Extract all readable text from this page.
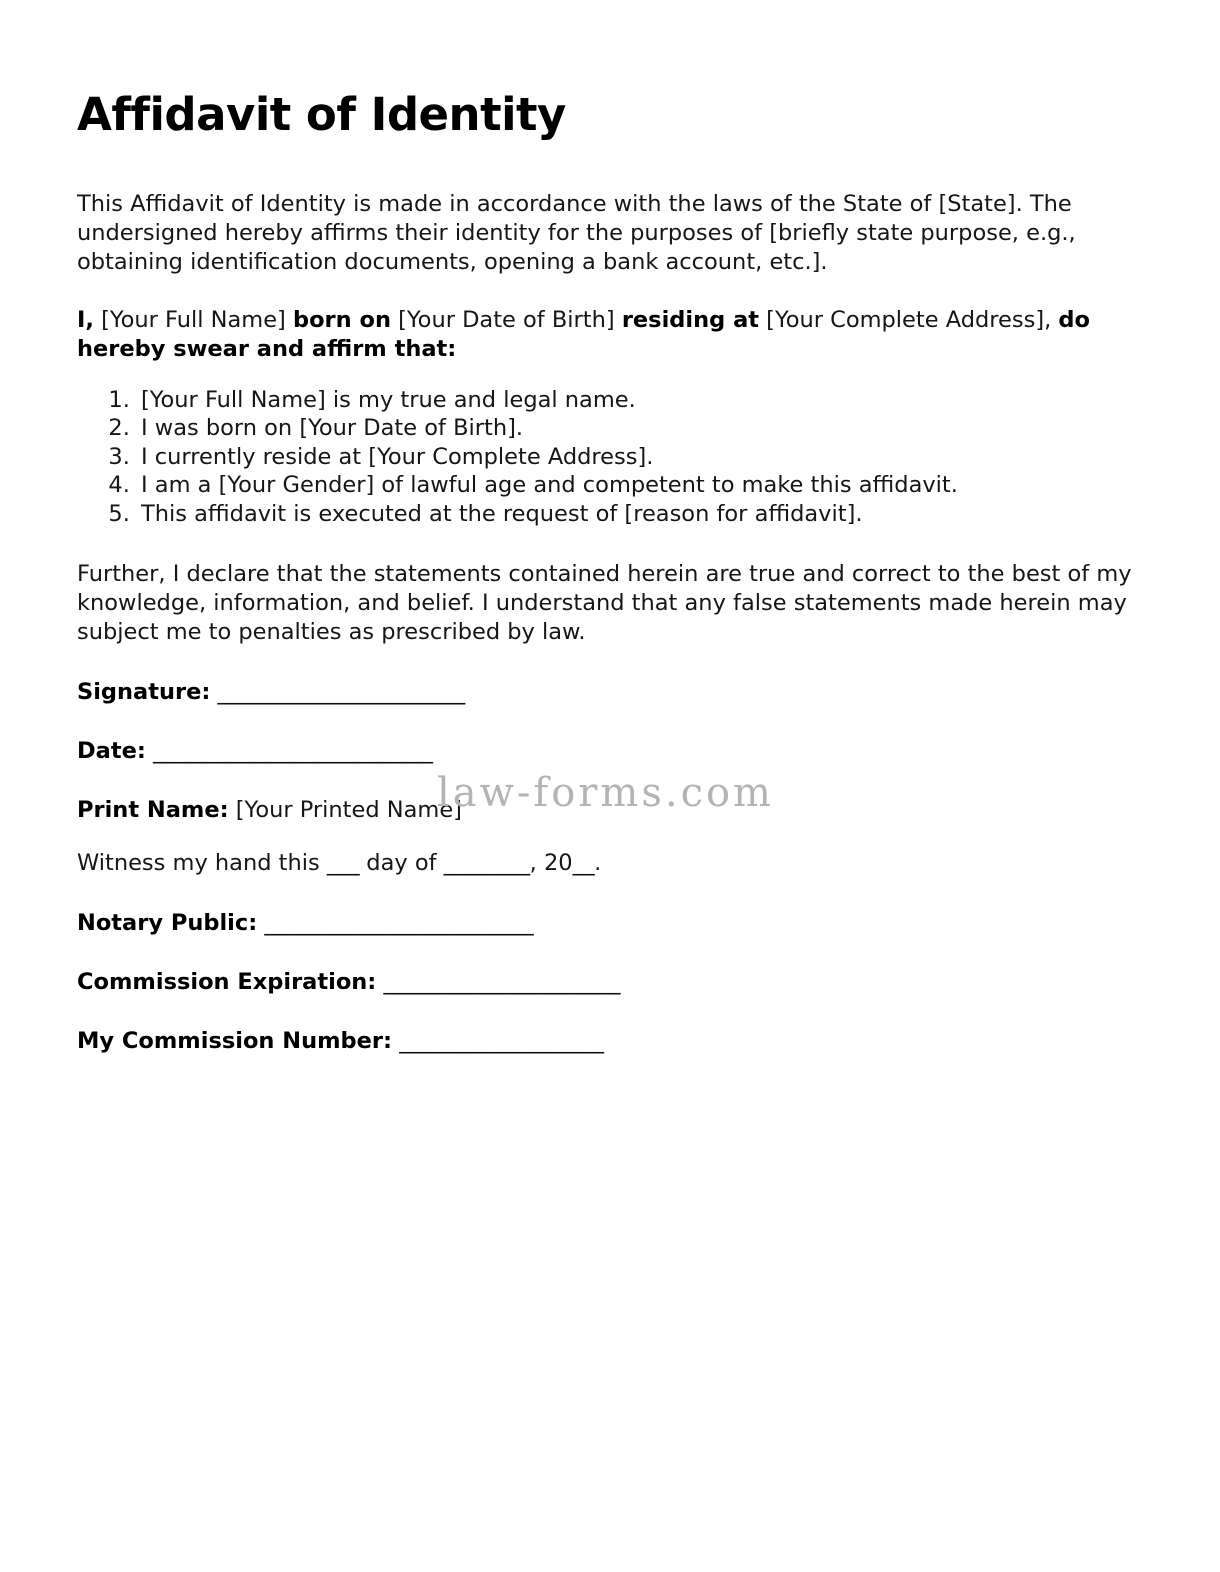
law-forms.com
Affidavit of Identity

This Affidavit of Identity is made in accordance with the laws of the State of [State]. The undersigned hereby affirms their identity for the purposes of [briefly state purpose, e.g., obtaining identification documents, opening a bank account, etc.].

I, [Your Full Name] born on [Your Date of Birth] residing at [Your Complete Address], do hereby swear and affirm that:

1. [Your Full Name] is my true and legal name.
2. I was born on [Your Date of Birth].
3. I currently reside at [Your Complete Address].
4. I am a [Your Gender] of lawful age and competent to make this affidavit.
5. This affidavit is executed at the request of [reason for affidavit].

Further, I declare that the statements contained herein are true and correct to the best of my knowledge, information, and belief. I understand that any false statements made herein may subject me to penalties as prescribed by law.

Signature: _______________________
Date: __________________________
Print Name: [Your Printed Name]
Witness my hand this ___ day of ________, 20__.
Notary Public: _________________________
Commission Expiration: ______________________
My Commission Number: ___________________
